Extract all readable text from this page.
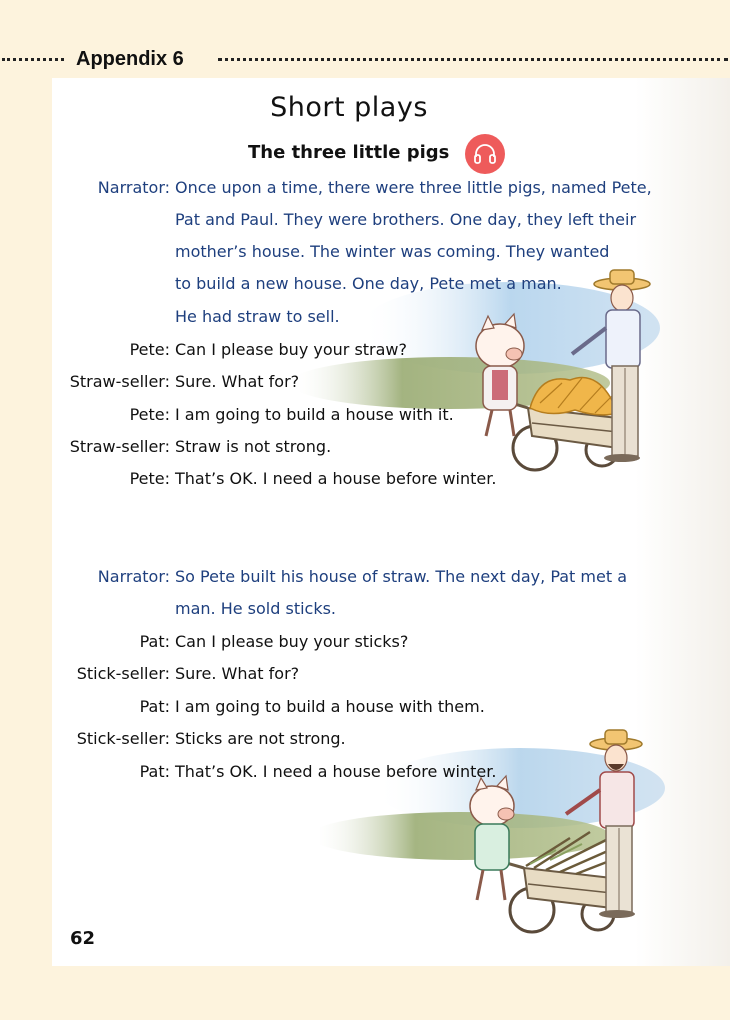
Appendix 6
Short plays
The three little pigs
Narrator: Once upon a time, there were three little pigs, named Pete,
Pat and Paul. They were brothers. One day, they left their
mother’s house. The winter was coming. They wanted
to build a new house. One day, Pete met a man.
He had straw to sell.
Pete: Can I please buy your straw?
Straw-seller: Sure. What for?
Pete: I am going to build a house with it.
Straw-seller: Straw is not strong.
Pete: That’s OK. I need a house before winter.
Narrator: So Pete built his house of straw. The next day, Pat met a
man. He sold sticks.
Pat: Can I please buy your sticks?
Stick-seller: Sure. What for?
Pat: I am going to build a house with them.
Stick-seller: Sticks are not strong.
Pat: That’s OK. I need a house before winter.
62
